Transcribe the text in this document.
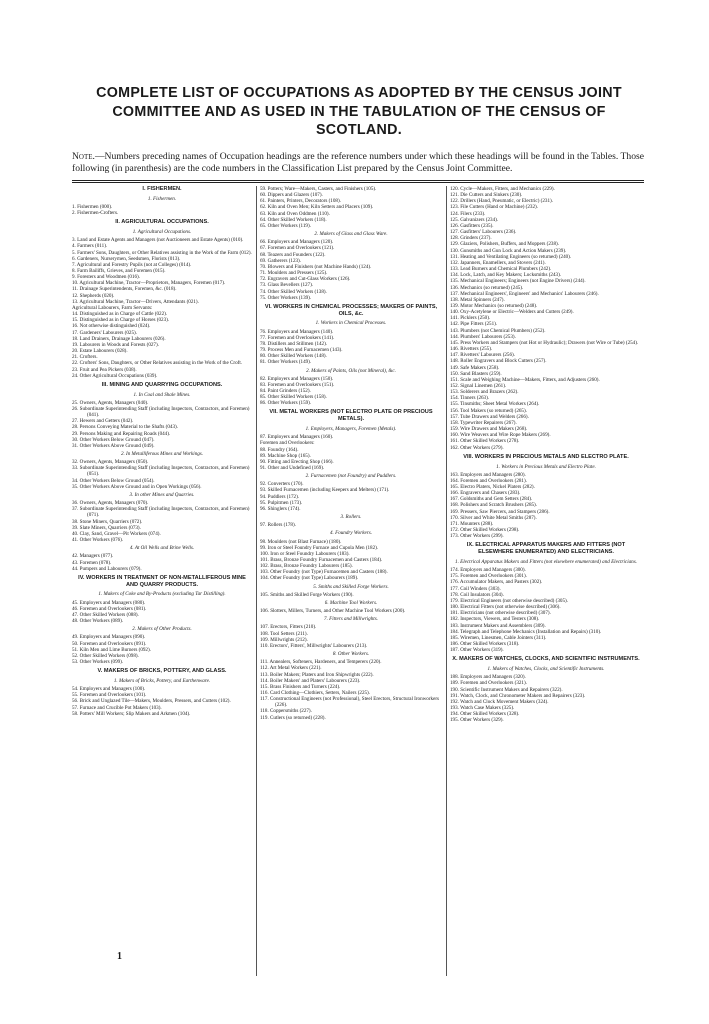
COMPLETE LIST OF OCCUPATIONS AS ADOPTED BY THE CENSUS JOINT COMMITTEE AND AS USED IN THE TABULATION OF THE CENSUS OF SCOTLAND.

Note.—Numbers preceding names of Occupation headings are the reference numbers under which these headings will be found in the Tables. Those following (in parenthesis) are the code numbers in the Classification List prepared by the Census Joint Committee.

I. FISHERMEN.
1. Fishermen.
1. Fishermen (000).
2. Fishermen-Crofters.
II. AGRICULTURAL OCCUPATIONS.
1. Agricultural Occupations.
3. Land and Estate Agents and Managers (not Auctioneers and Estate Agents) (010).
4. Farmers (011).
5. Farmers' Sons, Daughters, or Other Relatives assisting in the Work of the Farm (012).
6. Gardeners, Nurserymen, Seedsmen, Florists (013).
7. Agricultural and Forestry Pupils (not at Colleges) (014).
8. Farm Bailiffs, Grieves, and Foremen (015).
9. Foresters and Woodmen (016).
10. Agricultural Machine, Tractor—Proprietors, Managers, Foremen (017).
11. Drainage Superintendents, Foremen, &c. (018).
12. Shepherds (020).
13. Agricultural Machine, Tractor—Drivers, Attendants (021).
Agricultural Labourers, Farm Servants:
14. Distinguished as in Charge of Cattle (022).
15. Distinguished as in Charge of Horses (023).
16. Not otherwise distinguished (024).
17. Gardeners' Labourers (025).
18. Land Drainers, Drainage Labourers (026).
19. Labourers in Woods and Forests (027).
20. Estate Labourers (028).
21. Crofters.
22. Crofters' Sons, Daughters, or Other Relatives assisting in the Work of the Croft.
23. Fruit and Pea Pickers (038).
24. Other Agricultural Occupations (039).
III. MINING AND QUARRYING OCCUPATIONS.
1. In Coal and Shale Mines.
25. Owners, Agents, Managers (040).
26. Subordinate Superintending Staff (including Inspectors, Contractors, and Foremen) (041).
27. Hewers and Getters (042).
28. Persons Conveying Material to the Shafts (043).
29. Persons Making and Repairing Roads (044).
30. Other Workers Below Ground (047).
31. Other Workers Above Ground (049).
2. In Metalliferous Mines and Workings.
32. Owners, Agents, Managers (050).
33. Subordinate Superintending Staff (including Inspectors, Contractors, and Foremen) (051).
34. Other Workers Below Ground (054).
35. Other Workers Above Ground and in Open Workings (056).
3. In other Mines and Quarries.
36. Owners, Agents, Managers (070).
37. Subordinate Superintending Staff (including Inspectors, Contractors, and Foremen) (071).
38. Stone Miners, Quarriers (072).
39. Slate Miners, Quarriers (073).
40. Clay, Sand, Gravel—Pit Workers (074).
41. Other Workers (076).
4. At Oil Wells and Brine Wells.
42. Managers (077).
43. Foremen (078).
44. Pumpers and Labourers (079).
IV. WORKERS IN TREATMENT OF NON-METALLIFEROUS MINE AND QUARRY PRODUCTS.
1. Makers of Coke and By-Products (excluding Tar Distilling).
45. Employers and Managers (080).
46. Foremen and Overlookers (081).
47. Other Skilled Workers (088).
48. Other Workers (089).
2. Makers of Other Products.
49. Employers and Managers (090).
50. Foremen and Overlookers (091).
51. Kiln Men and Lime Burners (092).
52. Other Skilled Workers (098).
53. Other Workers (099).
V. MAKERS OF BRICKS, POTTERY, AND GLASS.
1. Makers of Bricks, Pottery, and Earthenware.
54. Employers and Managers (100).
55. Foremen and Overlookers (101).
56. Brick and Unglazed Tile—Makers, Moulders, Pressers, and Cutters (102).
57. Furnace and Crucible Pot Makers (103).
58. Potters' Mill Workers; Slip Makers and Arkmen (104).
59. Potters; Ware—Makers, Casters, and Finishers (105).
60. Dippers and Glazers (107).
61. Painters, Printers, Decorators (108).
62. Kiln and Oven Men; Kiln Setters and Placers (109).
63. Kiln and Oven Oddmen (110).
64. Other Skilled Workers (118).
65. Other Workers (119).
2. Makers of Glass and Glass Ware.
66. Employers and Managers (120).
67. Foremen and Overlookers (121).
68. Teazers and Founders (122).
69. Gatherers (123).
70. Blowers and Finishers (not Machine Hands) (124).
71. Moulders and Pressers (125).
72. Engravers and Cut-Glass Workers (126).
73. Glass Bevellers (127).
74. Other Skilled Workers (138).
75. Other Workers (139).
VI. WORKERS IN CHEMICAL PROCESSES; MAKERS OF PAINTS, OILS, &c.
1. Workers in Chemical Processes.
76. Employers and Managers (140).
77. Foremen and Overlookers (141).
78. Distillers and Stillmen (142).
79. Process Men and Furnacemen (143).
80. Other Skilled Workers (148).
81. Other Workers (149).
2. Makers of Paints, Oils (not Mineral), &c.
82. Employers and Managers (150).
83. Foremen and Overlookers (151).
84. Paint Grinders (152).
85. Other Skilled Workers (158).
86. Other Workers (159).
VII. METAL WORKERS (NOT ELECTRO PLATE OR PRECIOUS METALS).
1. Employers, Managers, Foremen (Metals).
87. Employers and Managers (160).
Foremen and Overlookers:
88. Foundry (164).
89. Machine Shop (165).
90. Fitting and Erecting Shop (166).
91. Other and Undefined (169).
2. Furnacemen (not Foundry) and Puddlers.
92. Converters (170).
93. Skilled Furnacemen (including Keepers and Melters) (171).
94. Puddlers (172).
95. Pulpitmen (173).
96. Shinglers (174).
3. Rollers.
97. Rollers (178).
4. Foundry Workers.
98. Moulders (not Blast Furnace) (180).
99. Iron or Steel Foundry Furnace and Cupola Men (182).
100. Iron or Steel Foundry Labourers (183).
101. Brass, Bronze Foundry Furnacemen and Casters (184).
102. Brass, Bronze Foundry Labourers (185).
103. Other Foundry (not Type) Furnacemen and Casters (188).
104. Other Foundry (not Type) Labourers (189).
5. Smiths and Skilled Forge Workers.
105. Smiths and Skilled Forge Workers (190).
6. Machine Tool Workers.
106. Slotters, Millers, Turners, and Other Machine Tool Workers (200).
7. Fitters and Millwrights.
107. Erectors, Fitters (210).
108. Tool Setters (211).
109. Millwrights (212).
110. Erectors', Fitters', Millwrights' Labourers (213).
8. Other Workers.
111. Annealers, Softeners, Hardeners, and Temperers (220).
112. Art Metal Workers (221).
113. Boiler Makers; Platers and Iron Shipwrights (222).
114. Boiler Makers' and Platers' Labourers (223).
115. Brass Finishers and Turners (224).
116. Card Clothing—Clothiers, Setters, Nailers (225).
117. Constructional Engineers (not Professional), Steel Erectors, Structural Ironworkers (226).
118. Coppersmiths (227).
119. Cutlers (so returned) (228).
120. Cycle—Makers, Fitters, and Mechanics (229).
121. Die Cutters and Sinkers (230).
122. Drillers (Hand, Pneumatic, or Electric) (231).
123. File Cutters (Hand or Machine) (232).
124. Filers (233).
125. Galvanizers (234).
126. Gasfitters (235).
127. Gasfitters' Labourers (236).
128. Grinders (237).
129. Glaziers, Polishers, Buffers, and Moppers (238).
130. Gunsmiths and Gun Lock and Action Makers (239).
131. Heating and Ventilating Engineers (so returned) (240).
132. Japanners, Enamellers, and Stovers (241).
133. Lead Burners and Chemical Plumbers (242).
134. Lock, Latch, and Key Makers; Locksmiths (243).
135. Mechanical Engineers; Engineers (not Engine Drivers) (244).
136. Mechanics (so returned) (245).
137. Mechanical Engineers', Engineers' and Mechanics' Labourers (246).
138. Metal Spinners (247).
139. Motor Mechanics (so returned) (248).
140. Oxy-Acetylene or Electric—Welders and Cutters (249).
141. Picklers (250).
142. Pipe Fitters (251).
143. Plumbers (not Chemical Plumbers) (252).
144. Plumbers' Labourers (253).
145. Press Workers and Stampers (not Hot or Hydraulic); Drawers (not Wire or Tube) (254).
146. Rivetters (255).
147. Rivetters' Labourers (256).
148. Roller Engravers and Block Cutters (257).
149. Safe Makers (258).
150. Sand Blasters (259).
151. Scale and Weighing Machine—Makers, Fitters, and Adjusters (260).
152. Signal Linemen (261).
153. Solderers and Brazers (262).
154. Tinners (263).
155. Tinsmiths; Sheet Metal Workers (264).
156. Tool Makers (so returned) (265).
157. Tube Drawers and Welders (266).
158. Typewriter Repairers (267).
159. Wire Drawers and Makers (268).
160. Wire Weavers and Wire Rope Makers (269).
161. Other Skilled Workers (278).
162. Other Workers (279).
VIII. WORKERS IN PRECIOUS METALS AND ELECTRO PLATE.
1. Workers in Precious Metals and Electro Plate.
163. Employers and Managers (280).
164. Foremen and Overlookers (281).
165. Electro Platers, Nickel Platers (282).
166. Engravers and Chasers (283).
167. Goldsmiths and Gem Setters (284).
168. Polishers and Scratch Brushers (285).
169. Pressers, Saw Piercers, and Stampers (286).
170. Silver and White Metal Smiths (287).
171. Mounters (288).
172. Other Skilled Workers (298).
173. Other Workers (299).
IX. ELECTRICAL APPARATUS MAKERS AND FITTERS (NOT ELSEWHERE ENUMERATED) AND ELECTRICIANS.
1. Electrical Apparatus Makers and Fitters (not elsewhere enumerated) and Electricians.
174. Employers and Managers (300).
175. Foremen and Overlookers (301).
176. Accumulator Makers, and Pasters (302).
177. Coil Winders (303).
178. Coil Insulators (304).
179. Electrical Engineers (not otherwise described) (305).
180. Electrical Fitters (not otherwise described) (306).
181. Electricians (not otherwise described) (307).
182. Inspectors, Viewers, and Testers (308).
183. Instrument Makers and Assemblers (309).
184. Telegraph and Telephone Mechanics (Installation and Repairs) (310).
185. Wiremen, Linesmen, Cable Jointers (311).
186. Other Skilled Workers (318).
187. Other Workers (319).
X. MAKERS OF WATCHES, CLOCKS, AND SCIENTIFIC INSTRUMENTS.
1. Makers of Watches, Clocks, and Scientific Instruments.
188. Employers and Managers (320).
189. Foremen and Overlookers (321).
190. Scientific Instrument Makers and Repairers (322).
191. Watch, Clock, and Chronometer Makers and Repairers (323).
192. Watch and Clock Movement Makers (324).
193. Watch Case Makers (325).
194. Other Skilled Workers (328).
195. Other Workers (329).
1
